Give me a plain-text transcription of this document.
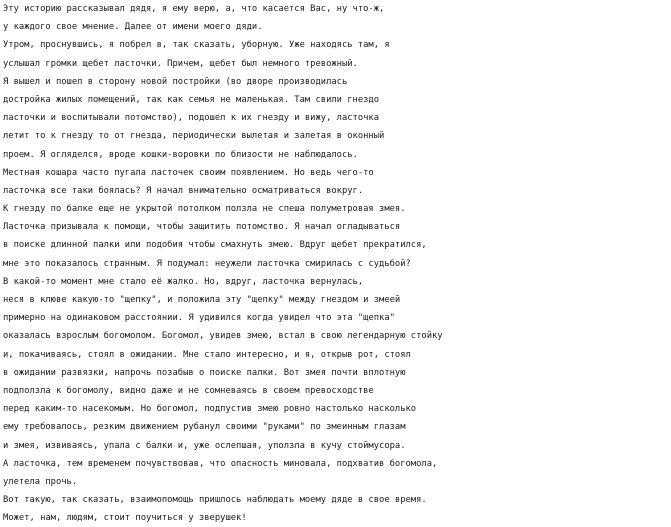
Эту историю рассказывал дядя, я ему верю, а, что касается Вас, ну что-ж,
у каждого свое мнение. Далее от имени моего дяди.
Утром, проснувшись, я побрел в, так сказать, уборную. Уже находясь там, я
услышал громки щебет ласточки. Причем, щебет был немного тревожный.
Я вышел и пошел в сторону новой постройки (во дворе производилась
достройка жилых помещений, так как семья не маленькая. Там свили гнездо
ласточки и воспитывали потомство), подошел к их гнезду и вижу, ласточка
летит то к гнезду то от гнезда, периодически вылетая и залетая в оконный
проем. Я огляделся, вроде кошки-воровки по близости не наблюдалось.
Местная кошара часто пугала ласточек своим появлением. Но ведь чего-то
ласточка все таки боялась? Я начал внимательно осматриваться вокруг.
К гнезду по балке еще не укрытой потолком ползла не спеша полуметровая змея.
Ласточка призывала к помощи, чтобы защитить потомство. Я начал огладываться
в поиске длинной палки или подобия чтобы смахнуть змею. Вдруг щебет прекратился,
мне это показалось странным. Я подумал: неужели ласточка смирилась с судьбой?
В какой-то момент мне стало её жалко. Но, вдруг, ласточка вернулась,
неся в клюве какую-то "щепку", и положила эту "щепку" между гнездом и змеей
примерно на одинаковом расстоянии. Я удивился когда увидел что эта "щепка"
оказалась взрослым богомолом. Богомол, увидев змею, встал в свою легендарную стойку
и, покачиваясь, стоял в ожидании. Мне стало интересно, и я, открыв рот, стоял
в ожидании развязки, напрочь позабыв о поиске палки. Вот змея почти вплотную
подползла к богомолу, видно даже и не сомневаясь в своем превосходстве
перед каким-то насекомым. Но богомол, подпустив змею ровно настолько насколько
ему требовалось, резким движением рубанул своими "руками" по змеинным глазам
и змея, извиваясь, упала с балки и, уже ослепшая, уползла в кучу стоймусора.
А ласточка, тем временем почувствовав, что опасность миновала, подхватив богомола,
улетела прочь.
Вот такую, так сказать, взаимопомощь пришлось наблюдать моему дяде в свое время.
Может, нам, людям, стоит поучиться у зверушек!
